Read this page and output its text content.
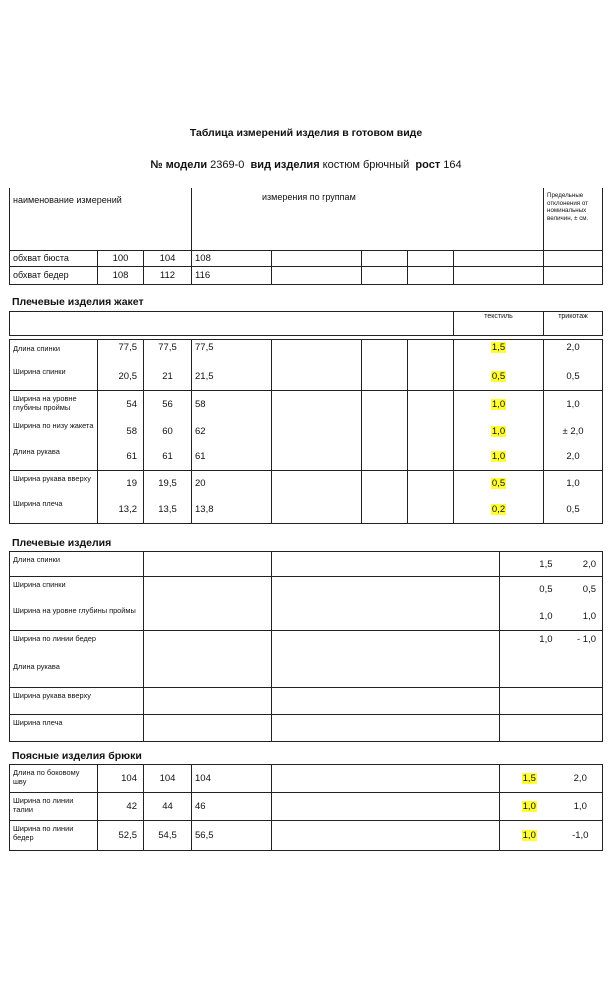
Таблица измерений изделия в готовом виде
№ модели 2369-0 вид изделия костюм брючный рост 164
наименование измерений			измерения по группам					Предельные отклонения от номинальных величин, ± см.
обхват бюста	100	104	108					
обхват бедер	108	112	116					
Плечевые изделия жакет
	текстиль	трикотаж
Длина спинки	77,5	77,5	77,5				1,5	2,0

Ширина спинки	20,5	21	21,5				0,5	0,5
Ширина на уровне глубины проймы	54	56	58				1,0	1,0
Ширина по низу жакета	58	60	62				1,0	± 2,0
Длина рукава	61	61	61				1,0	2,0
Ширина рукава вверху	19	19,5	20				0,5	1,0
Ширина плеча	13,2	13,5	13,8				0,2	0,5
Плечевые изделия
Длина спинки			1,5	2,0
Ширина спинки			0,5	0,5
Ширина на уровне глубины проймы			1,0	1,0
Ширина по линии бедер			1,0	- 1,0
Длина рукава				
Ширина рукава вверху				
Ширина плеча				
Поясные изделия брюки
Длина по боковому шву	104	104	104		1,5	2,0
Ширина по линии талии	42	44	46		1,0	1,0
Ширина по линии бедер	52,5	54,5	56,5		1,0	-1,0
